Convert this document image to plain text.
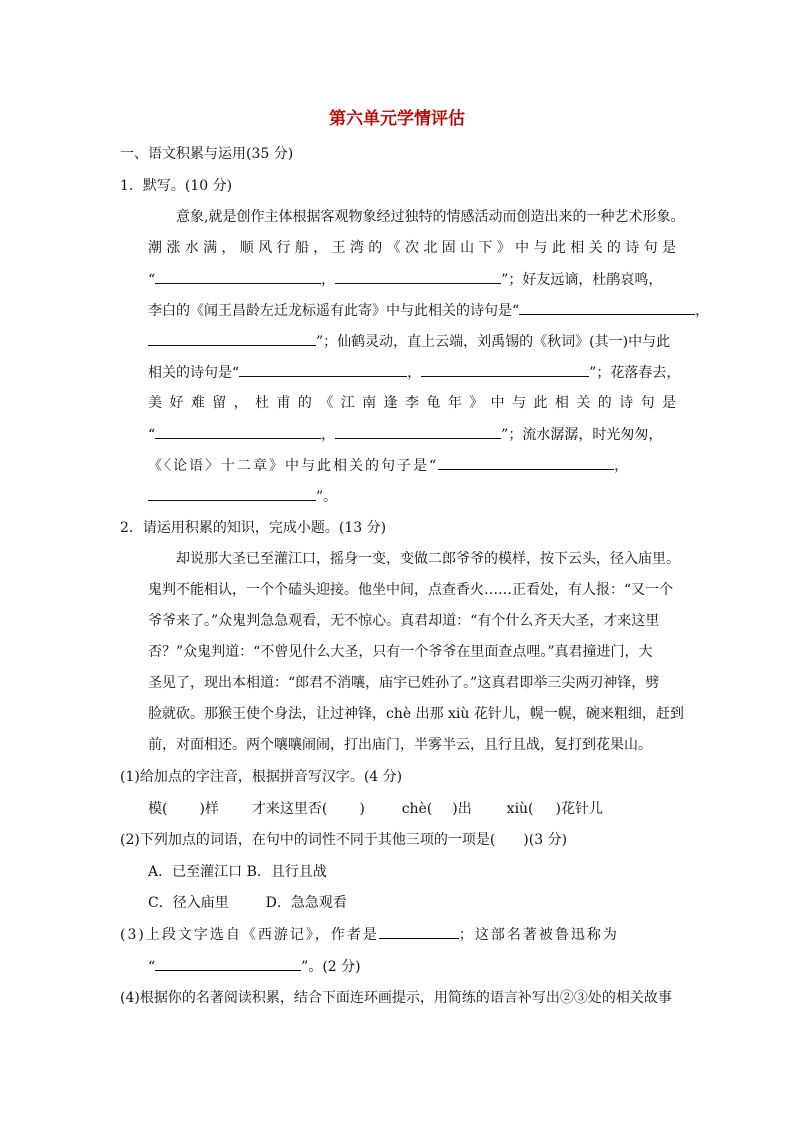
第六单元学情评估
一、语文积累与运用(35 分)
1．默写。(10 分)
意象,就是创作主体根据客观物象经过独特的情感活动而创造出来的一种艺术形象。
潮涨水满，顺风行船，王湾的《次北固山下》中与此相关的诗句是
“	，	”；好友远谪，杜鹃哀鸣，
李白的《闻王昌龄左迁龙标遥有此寄》中与此相关的诗句是“	，
”；仙鹤灵动，直上云端，刘禹锡的《秋词》(其一)中与此
相关的诗句是“	，	”；花落春去，
美好难留，杜甫的《江南逢李龟年》中与此相关的诗句是
“	，	”；流水潺潺，时光匆匆，
《〈论语〉十二章》中与此相关的句子是“	，
”。
2．请运用积累的知识，完成小题。(13 分)
却说那大圣已至灌江口，摇身一变，变做二郎爷爷的模样，按下云头，径入庙里。
鬼判不能相认，一个个磕头迎接。他坐中间，点查香火……正看处，有人报：“又一个
爷爷来了。”众鬼判急急观看，无不惊心。真君却道：“有个什么齐天大圣，才来这里
否？”众鬼判道：“不曾见什么大圣，只有一个爷爷在里面查点哩。”真君撞进门，大
圣见了，现出本相道：“郎君不消嚷，庙宇已姓孙了。”这真君即举三尖两刃神锋，劈
脸就砍。那猴王使个身法，让过神锋，chè 出那 xiù 花针儿，幌一幌，碗来粗细，赶到
前，对面相还。两个嚷嚷闹闹，打出庙门，半雾半云，且行且战，复打到花果山。
(1)给加点的字注音，根据拼音写汉字。(4 分)
模( )样 才来这里否( )	chè( )出 xiù( )花针儿
(2)下列加点的词语，在句中的词性不同于其他三项的一项是(　　)(3 分)
A．已至灌江口 B．且行且战
C．径入庙里	D．急急观看
(3)上段文字选自《西游记》，作者是	；这部名著被鲁迅称为
“	”。(2 分)
(4)根据你的名著阅读积累，结合下面连环画提示，用简练的语言补写出②③处的相关故事
